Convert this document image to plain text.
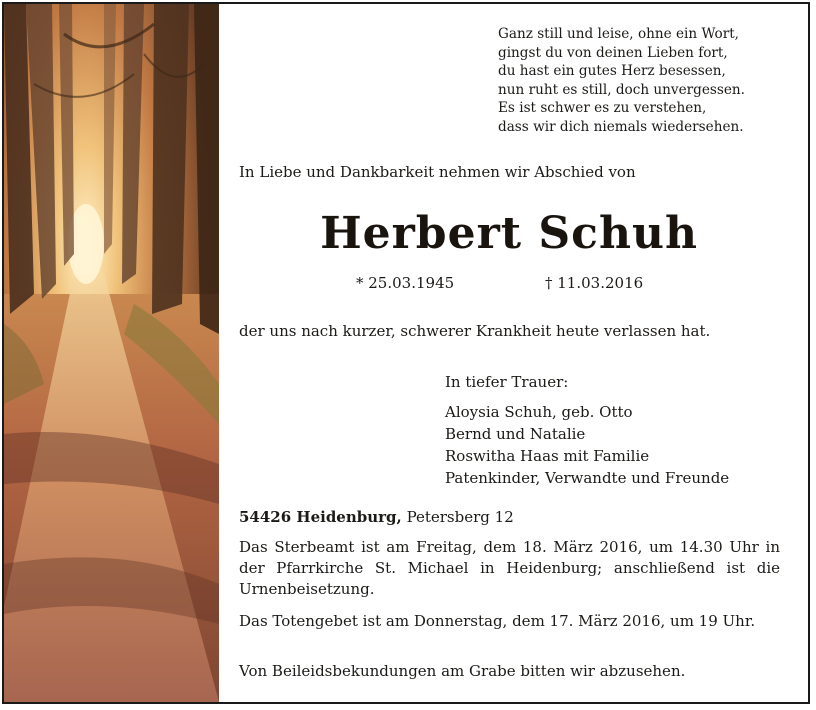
Ganz still und leise, ohne ein Wort,
gingst du von deinen Lieben fort,
du hast ein gutes Herz besessen,
nun ruht es still, doch unvergessen.
Es ist schwer es zu verstehen,
dass wir dich niemals wiedersehen.
In Liebe und Dankbarkeit nehmen wir Abschied von
Herbert Schuh
* 25.03.1945	† 11.03.2016
der uns nach kurzer, schwerer Krankheit heute verlassen hat.
In tiefer Trauer:
Aloysia Schuh, geb. Otto
Bernd und Natalie
Roswitha Haas mit Familie
Patenkinder, Verwandte und Freunde
54426 Heidenburg, Petersberg 12
Das Sterbeamt ist am Freitag, dem 18. März 2016, um 14.30 Uhr in der Pfarrkirche St. Michael in Heidenburg; anschließend ist die Urnenbeisetzung.
Das Totengebet ist am Donnerstag, dem 17. März 2016, um 19 Uhr.
Von Beileidsbekundungen am Grabe bitten wir abzusehen.
